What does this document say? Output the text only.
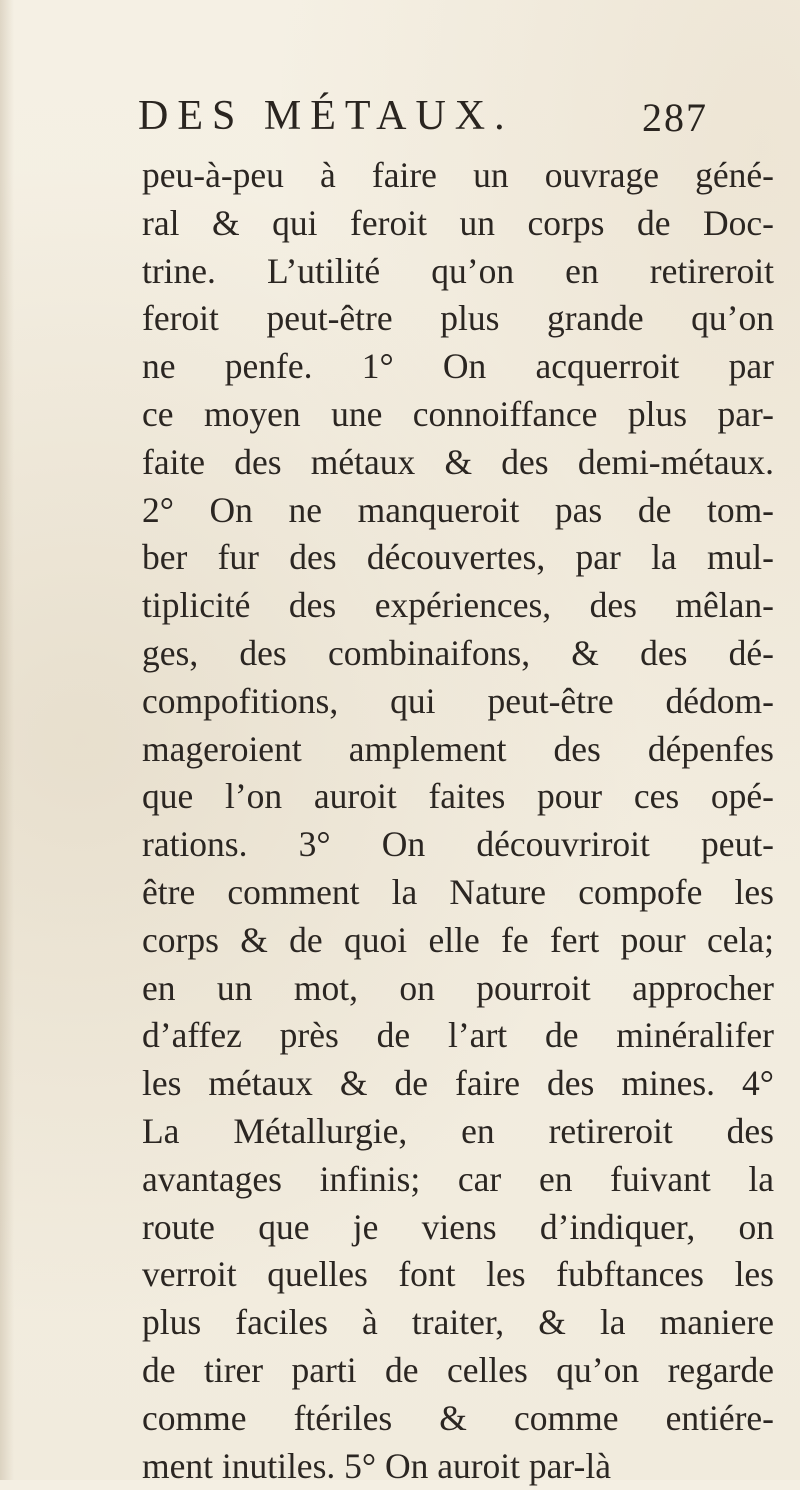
DES MÉTAUX.	287
peu-à-peu à faire un ouvrage géné-
ral & qui feroit un corps de Doc-
trine. L’utilité qu’on en retireroit
feroit peut-être plus grande qu’on
ne penfe. 1° On acquerroit par
ce moyen une connoiffance plus par-
faite des métaux & des demi-métaux.
2° On ne manqueroit pas de tom-
ber fur des découvertes, par la mul-
tiplicité des expériences, des mêlan-
ges, des combinaifons, & des dé-
compofitions, qui peut-être dédom-
mageroient amplement des dépenfes
que l’on auroit faites pour ces opé-
rations. 3° On découvriroit peut-
être comment la Nature compofe les
corps & de quoi elle fe fert pour cela;
en un mot, on pourroit approcher
d’affez près de l’art de minéralifer
les métaux & de faire des mines. 4°
La Métallurgie, en retireroit des
avantages infinis; car en fuivant la
route que je viens d’indiquer, on
verroit quelles font les fubftances les
plus faciles à traiter, & la maniere
de tirer parti de celles qu’on regarde
comme ftériles & comme entiére-
ment inutiles. 5° On auroit par-là
